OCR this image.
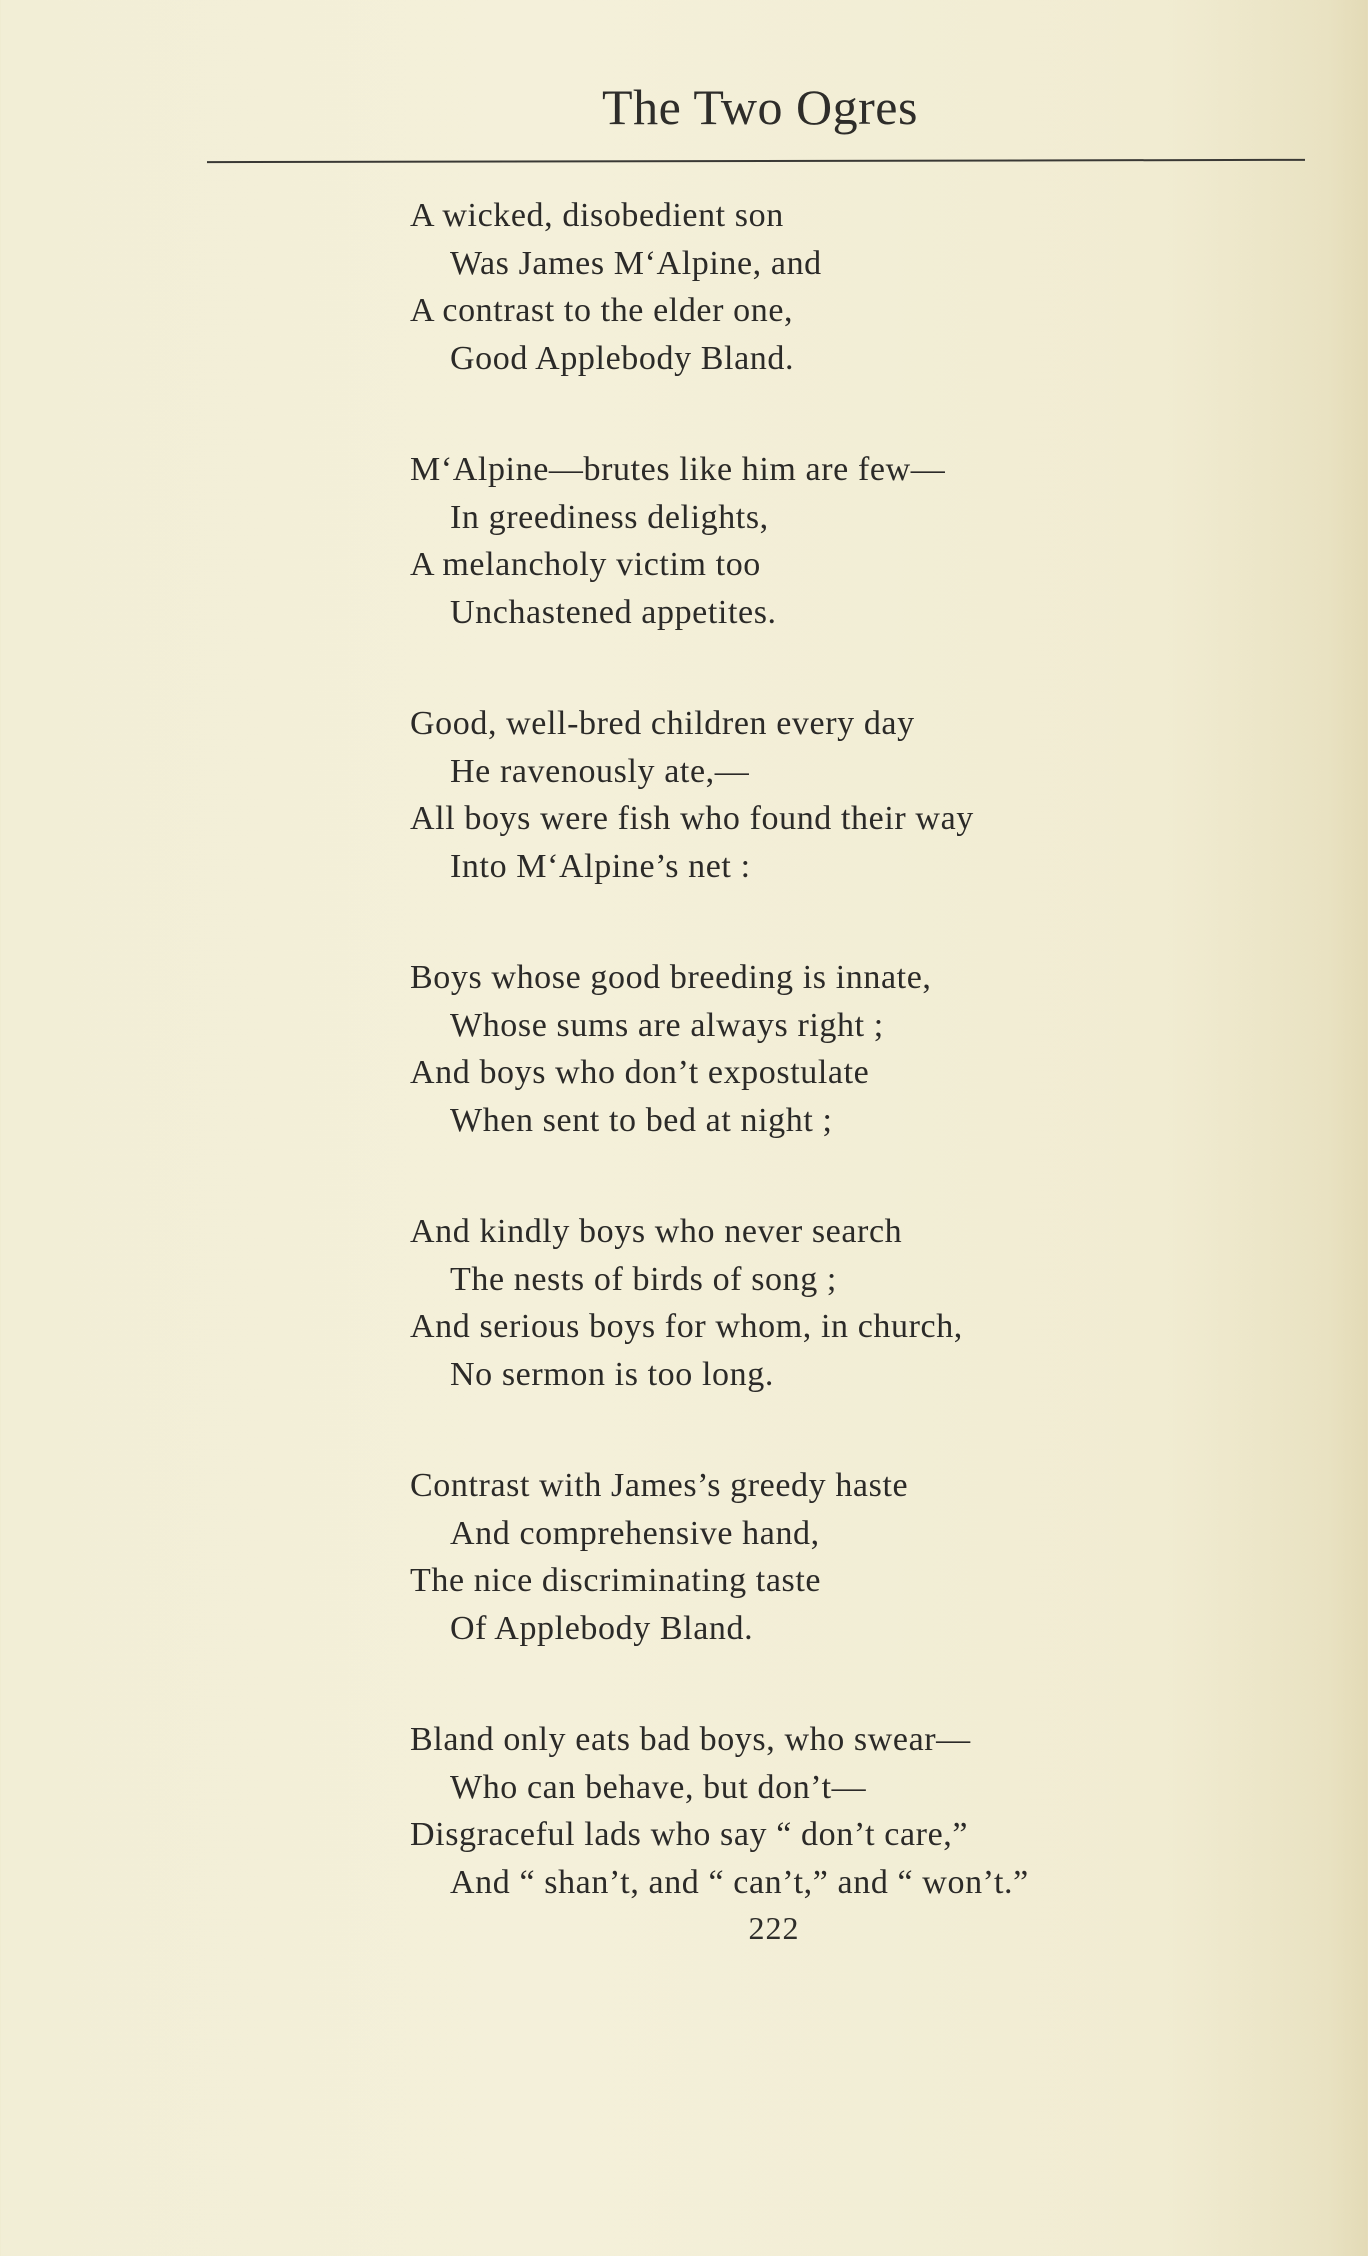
The Two Ogres
A wicked, disobedient son
Was James M‘Alpine, and
A contrast to the elder one,
Good Applebody Bland.
M‘Alpine—brutes like him are few—
In greediness delights,
A melancholy victim too
Unchastened appetites.
Good, well-bred children every day
He ravenously ate,—
All boys were fish who found their way
Into M‘Alpine’s net :
Boys whose good breeding is innate,
Whose sums are always right ;
And boys who don’t expostulate
When sent to bed at night ;
And kindly boys who never search
The nests of birds of song ;
And serious boys for whom, in church,
No sermon is too long.
Contrast with James’s greedy haste
And comprehensive hand,
The nice discriminating taste
Of Applebody Bland.
Bland only eats bad boys, who swear—
Who can behave, but don’t—
Disgraceful lads who say “ don’t care,”
And “ shan’t, and “ can’t,” and “ won’t.”
222
